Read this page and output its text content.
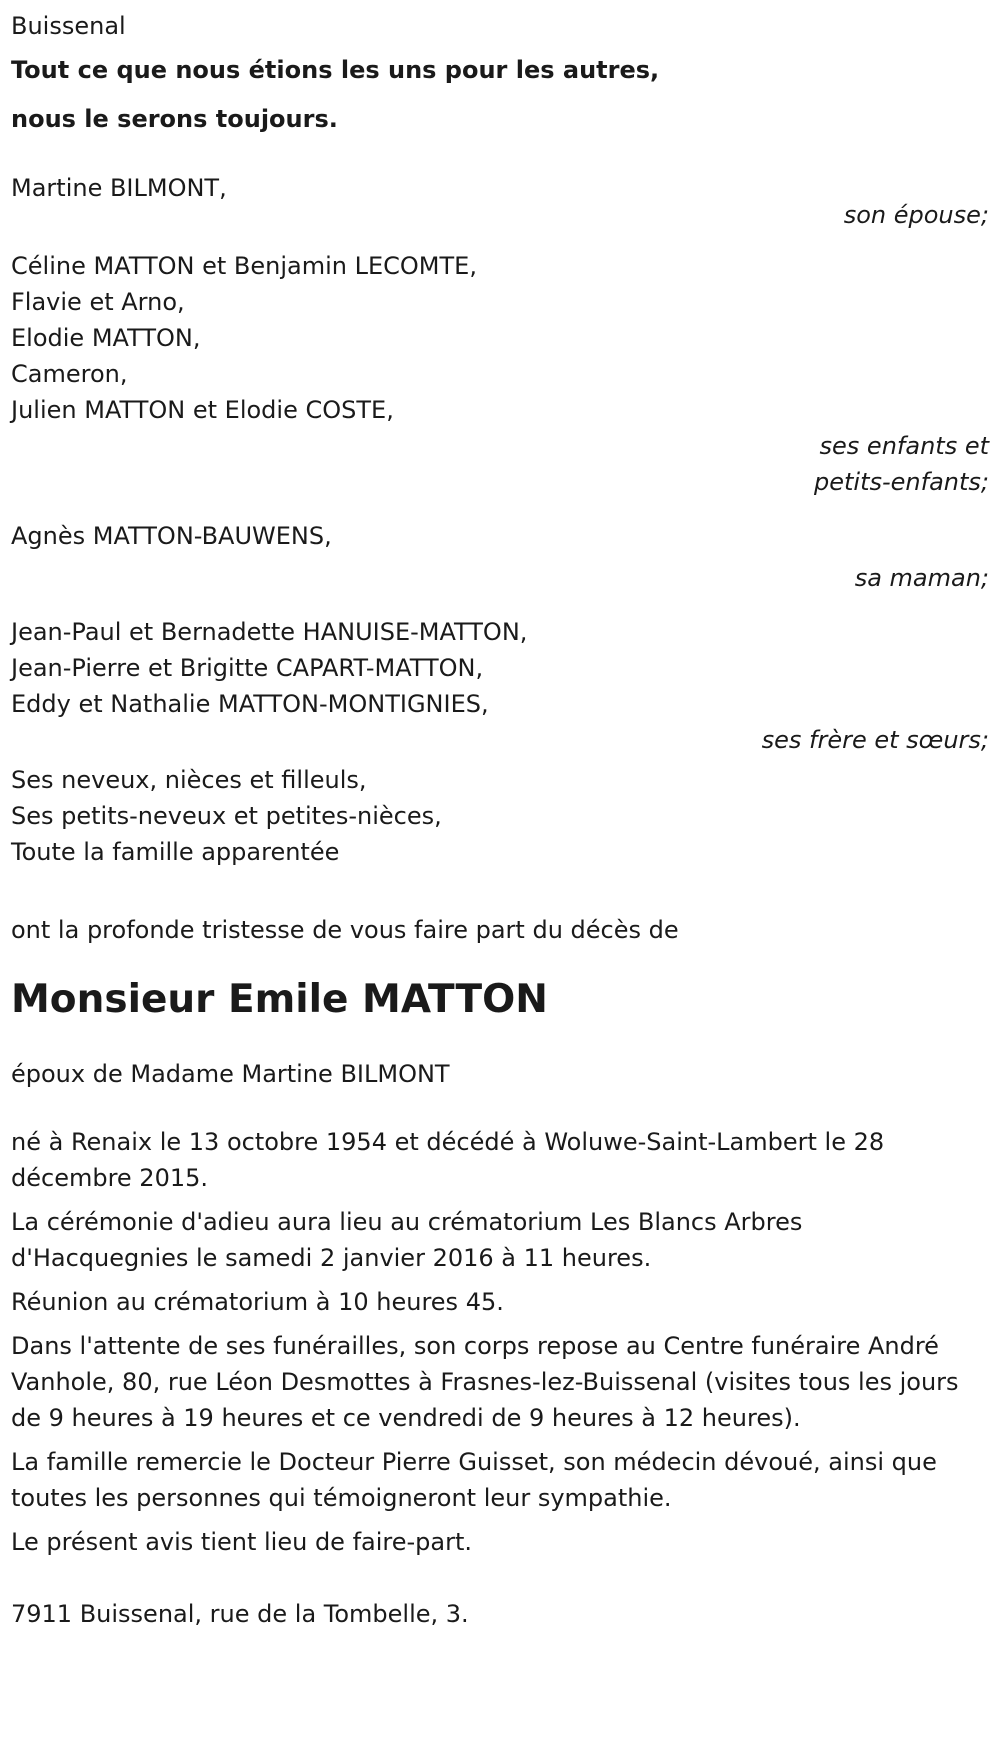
Buissenal
Tout ce que nous étions les uns pour les autres,
nous le serons toujours.
Martine BILMONT,
son épouse;
Céline MATTON et Benjamin LECOMTE,
Flavie et Arno,
Elodie MATTON,
Cameron,
Julien MATTON et Elodie COSTE,
ses enfants et
petits-enfants;
Agnès MATTON-BAUWENS,
sa maman;
Jean-Paul et Bernadette HANUISE-MATTON,
Jean-Pierre et Brigitte CAPART-MATTON,
Eddy et Nathalie MATTON-MONTIGNIES,
ses frère et sœurs;
Ses neveux, nièces et filleuls,
Ses petits-neveux et petites-nièces,
Toute la famille apparentée
ont la profonde tristesse de vous faire part du décès de
Monsieur Emile MATTON
époux de Madame Martine BILMONT
né à Renaix le 13 octobre 1954 et décédé à Woluwe-Saint-Lambert le 28 décembre 2015.
La cérémonie d'adieu aura lieu au crématorium Les Blancs Arbres d'Hacquegnies le samedi 2 janvier 2016 à 11 heures.
Réunion au crématorium à 10 heures 45.
Dans l'attente de ses funérailles, son corps repose au Centre funéraire André Vanhole, 80, rue Léon Desmottes à Frasnes-lez-Buissenal (visites tous les jours de 9 heures à 19 heures et ce vendredi de 9 heures à 12 heures).
La famille remercie le Docteur Pierre Guisset, son médecin dévoué, ainsi que toutes les personnes qui témoigneront leur sympathie.
Le présent avis tient lieu de faire-part.
7911 Buissenal, rue de la Tombelle, 3.
